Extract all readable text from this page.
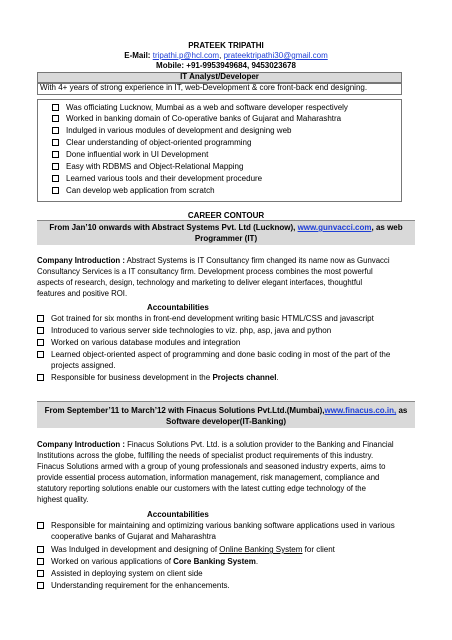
PRATEEK TRIPATHI
E-Mail: tripathi.p@hcl.com, prateektripathi30@gmail.com
Mobile: +91-9953949684, 9453023678
IT Analyst/Developer
With 4+ years of strong experience in IT, web-Development & core front-back end designing.
Was officiating Lucknow, Mumbai as a web and software developer respectively
Worked in banking domain of Co-operative banks of Gujarat and Maharashtra
Indulged in various modules of development and designing web
Clear understanding of object-oriented programming
Done influential work in UI Development
Easy with RDBMS and Object-Relational Mapping
Learned various tools and their development procedure
Can develop web application from scratch
CAREER CONTOUR
From Jan’10 onwards with Abstract Systems Pvt. Ltd (Lucknow), www.gunvacci.com, as web
Programmer (IT)
Company Introduction : Abstract Systems is IT Consultancy firm changed its name now as Gunvacci
Consultancy Services is a IT consultancy firm. Development process combines the most powerful
aspects of research, design, technology and marketing to deliver elegant interfaces, thoughtful
features and positive ROI.
Accountabilities
Got trained for six months in front-end development writing basic HTML/CSS and javascript
Introduced to various server side technologies to viz. php, asp, java and python
Worked on various database modules and integration
Learned object-oriented aspect of programming and done basic coding in most of the part of the
projects assigned.
Responsible for business development in the Projects channel.
From September’11 to March’12 with Finacus Solutions Pvt.Ltd.(Mumbai),www.finacus.co.in, as
Software developer(IT-Banking)
Company Introduction : Finacus Solutions Pvt. Ltd. is a solution provider to the Banking and Financial
Institutions across the globe, fulfilling the needs of specialist product requirements of this industry.
Finacus Solutions armed with a group of young professionals and seasoned industry experts, aims to
provide essential process automation, information management, risk management, compliance and
statutory reporting solutions enable our customers with the latest cutting edge technology of the
highest quality.
Accountabilities
Responsible for maintaining and optimizing various banking software applications used in various
cooperative banks of Gujarat and Maharashtra
Was Indulged in development and designing of Online Banking System for client
Worked on various applications of Core Banking System.
Assisted in deploying system on client side
Understanding requirement for the enhancements.
